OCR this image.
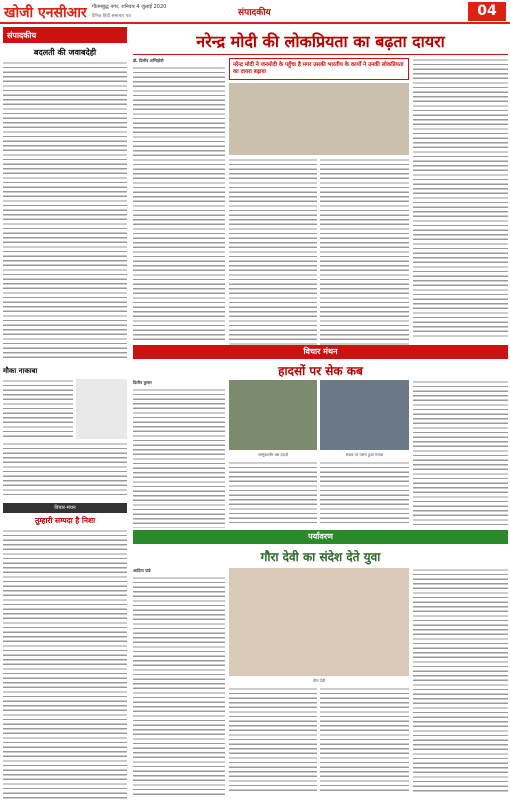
खोजी एनसीआर गौतमबुद्ध नगर, शनिवार 4 जुलाई 2020
दैनिक हिंदी समाचार पत्र	संपादकीय	04
संपादकीय
बदलती की जवाबदेही
मौका नाकाबा
विचार-मंथन
तुम्हारी सम्पदा है निशा
नरेन्द्र मोदी की लोकप्रियता का बढ़ता दायरा
डॉ. दिलीप अग्निहोत्री
नरेन्द्र मोदी ने जनमोदी के पहुँचा है मगर उसकी भारतीय के कार्यों ने उनकी लोकप्रियता का दायरा बढ़ाया
विचार मंथन
हादसों पर सेक कब
दिलीप कुमार
जम्मूकश्मीर बस हादसे	सड़क पर पसरा हुआ मलबा
पर्यावरण
गौरा देवी का संदेश देते युवा
आदित्य पांडे
गौरा देवी
